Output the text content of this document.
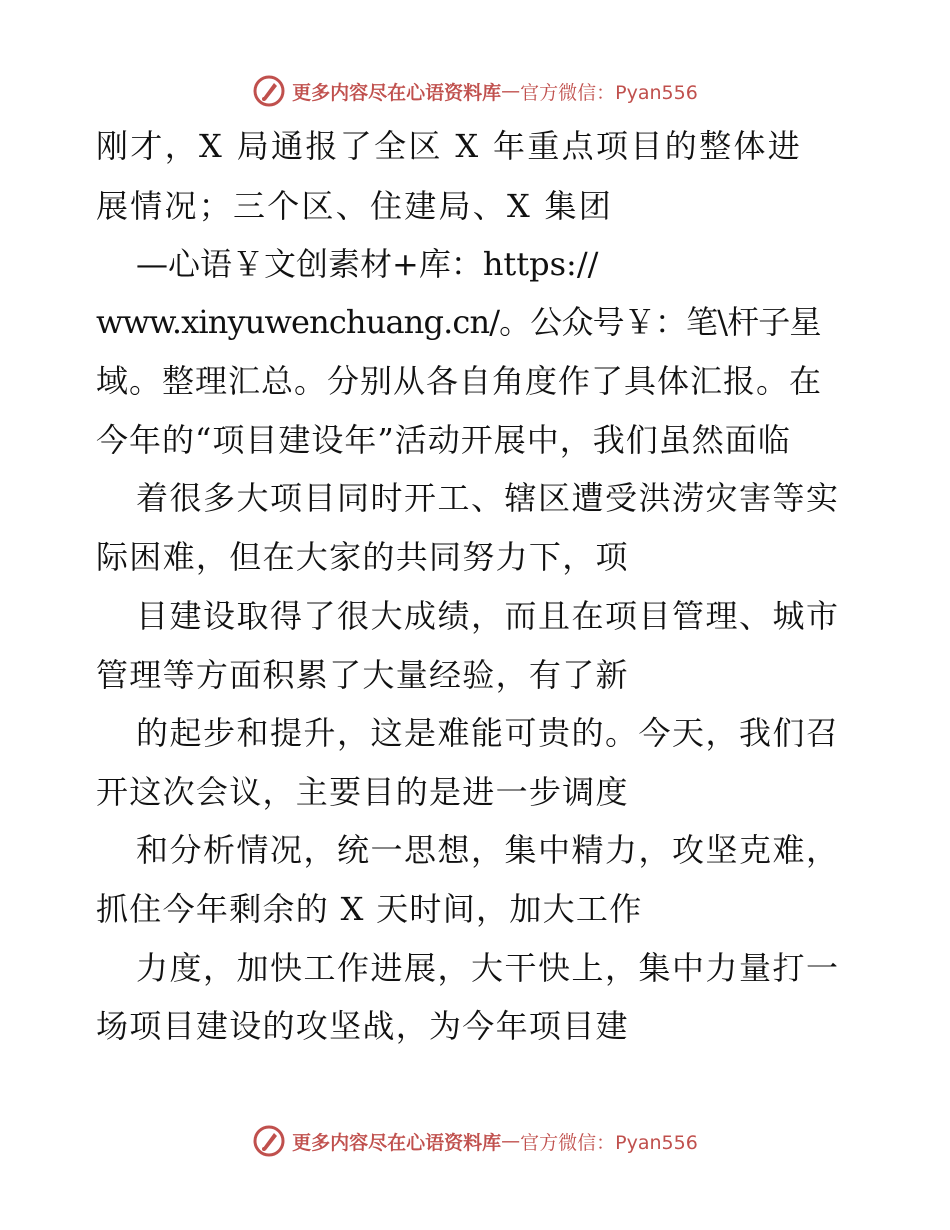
更多内容尽在心语资料库 — 官方微信：Pyan556
刚才，X 局通报了全区 X 年重点项目的整体进
展情况；三个区、住建局、X 集团
—心语￥文创素材+库：https://
www.xinyuwenchuang.cn/。公众号￥：笔\杆子星
域。整理汇总。分别从各自角度作了具体汇报。在
今年的“项目建设年”活动开展中，我们虽然面临
着很多大项目同时开工、辖区遭受洪涝灾害等实
际困难，但在大家的共同努力下，项
目建设取得了很大成绩，而且在项目管理、城市
管理等方面积累了大量经验，有了新
的起步和提升，这是难能可贵的。今天，我们召
开这次会议，主要目的是进一步调度
和分析情况，统一思想，集中精力，攻坚克难，
抓住今年剩余的 X 天时间，加大工作
力度，加快工作进展，大干快上，集中力量打一
场项目建设的攻坚战，为今年项目建
更多内容尽在心语资料库 — 官方微信：Pyan556
